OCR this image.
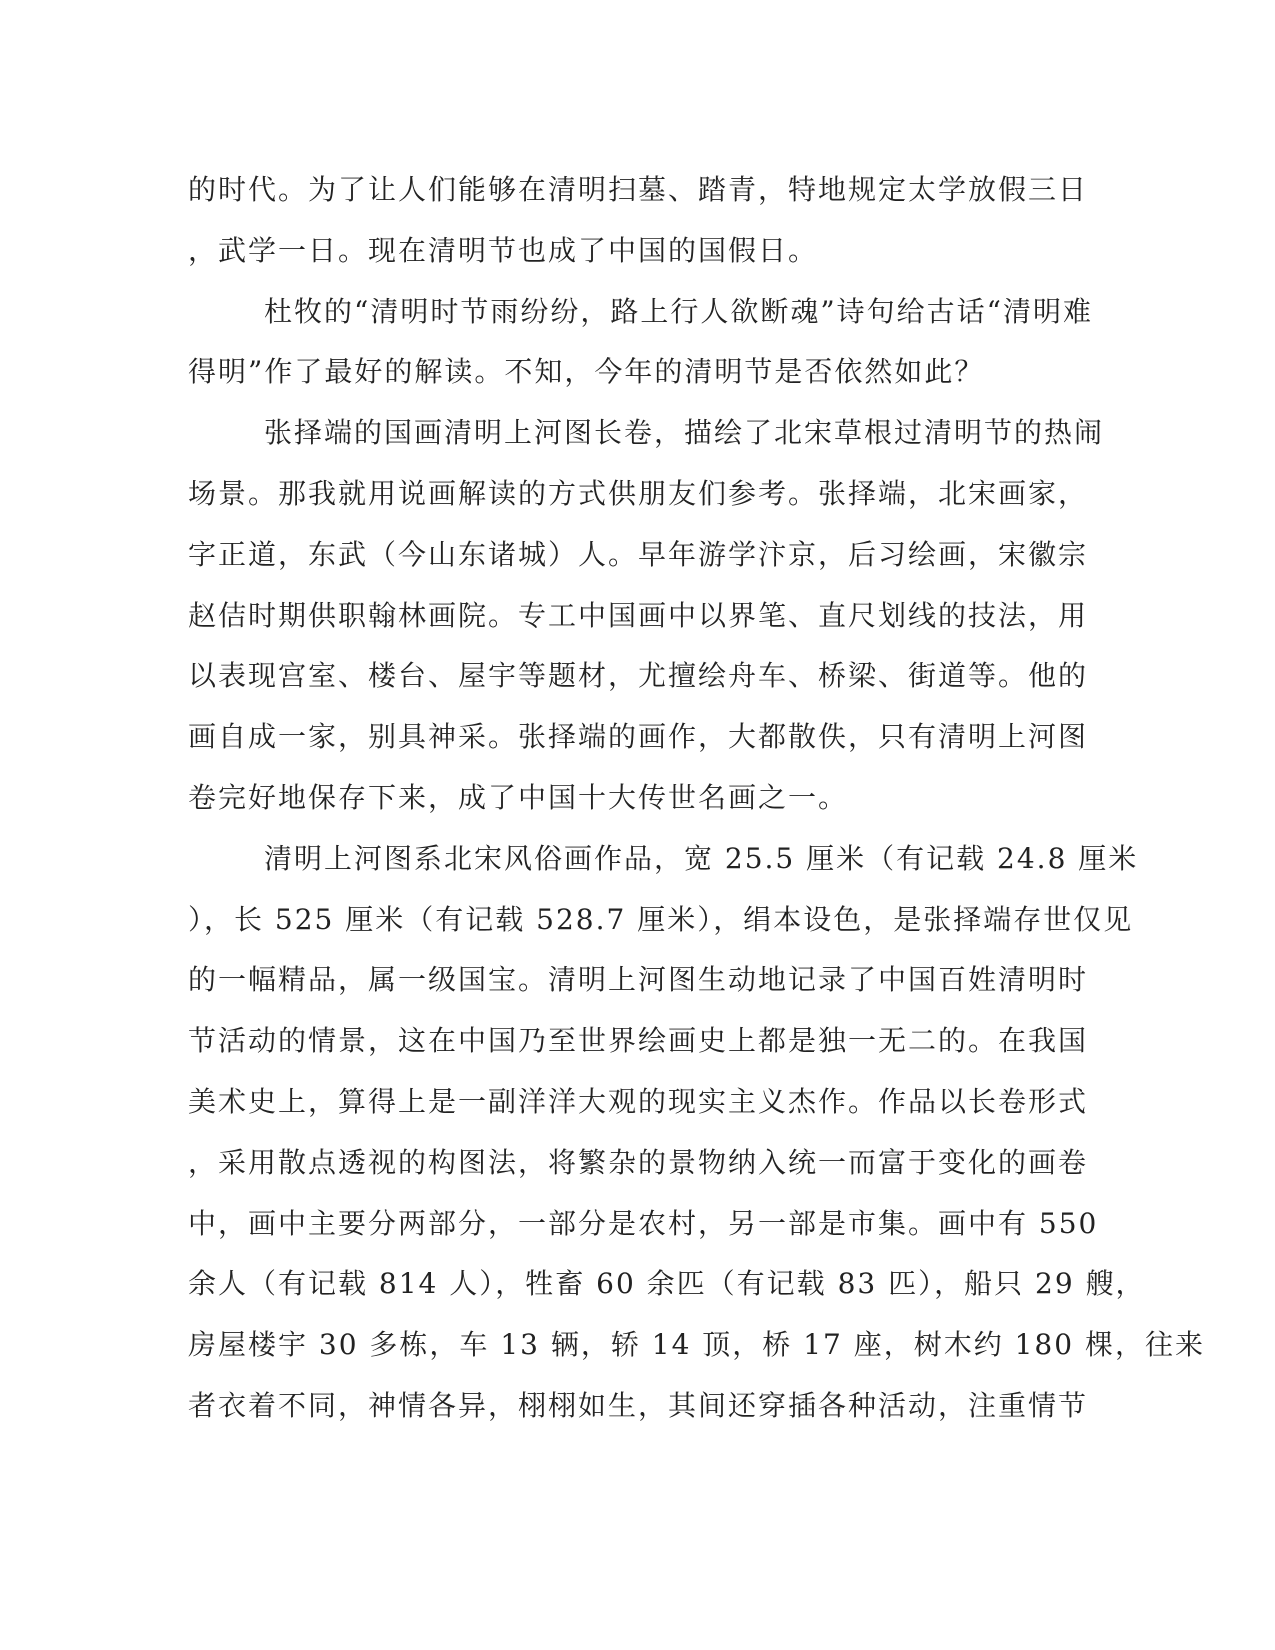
的时代。为了让人们能够在清明扫墓、踏青，特地规定太学放假三日
，武学一日。现在清明节也成了中国的国假日。
杜牧的“清明时节雨纷纷，路上行人欲断魂”诗句给古话“清明难
得明”作了最好的解读。不知，今年的清明节是否依然如此？
张择端的国画清明上河图长卷，描绘了北宋草根过清明节的热闹
场景。那我就用说画解读的方式供朋友们参考。张择端，北宋画家，
字正道，东武（今山东诸城）人。早年游学汴京，后习绘画，宋徽宗
赵佶时期供职翰林画院。专工中国画中以界笔、直尺划线的技法，用
以表现宫室、楼台、屋宇等题材，尤擅绘舟车、桥梁、街道等。他的
画自成一家，别具神采。张择端的画作，大都散佚，只有清明上河图
卷完好地保存下来，成了中国十大传世名画之一。
清明上河图系北宋风俗画作品，宽 25.5 厘米（有记载 24.8 厘米
），长 525 厘米（有记载 528.7 厘米），绢本设色，是张择端存世仅见
的一幅精品，属一级国宝。清明上河图生动地记录了中国百姓清明时
节活动的情景，这在中国乃至世界绘画史上都是独一无二的。在我国
美术史上，算得上是一副洋洋大观的现实主义杰作。作品以长卷形式
，采用散点透视的构图法，将繁杂的景物纳入统一而富于变化的画卷
中，画中主要分两部分，一部分是农村，另一部是市集。画中有 550
余人（有记载 814 人），牲畜 60 余匹（有记载 83 匹），船只 29 艘，
房屋楼宇 30 多栋，车 13 辆，轿 14 顶，桥 17 座，树木约 180 棵，往来
者衣着不同，神情各异，栩栩如生，其间还穿插各种活动，注重情节
